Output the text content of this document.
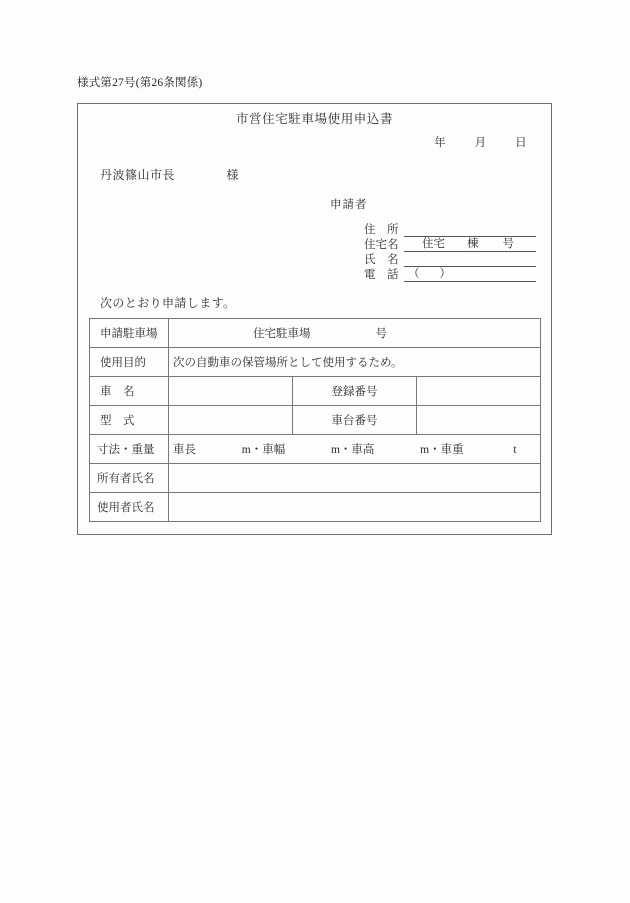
様式第27号(第26条関係)
市営住宅駐車場使用申込書
年 月 日
丹波篠山市長	様
申請者
住　所
住宅名	住宅 棟 号
氏　名
電　話 （ ）
次のとおり申請します。
申請駐車場	住宅駐車場 号		

使用目的	次の自動車の保管場所として使用するため。		

車　名		登録番号	

型　式		車台番号	

寸法・重量	車長 m・車幅 m・車高 m・車重 t		

所有者氏名			

使用者氏名			
